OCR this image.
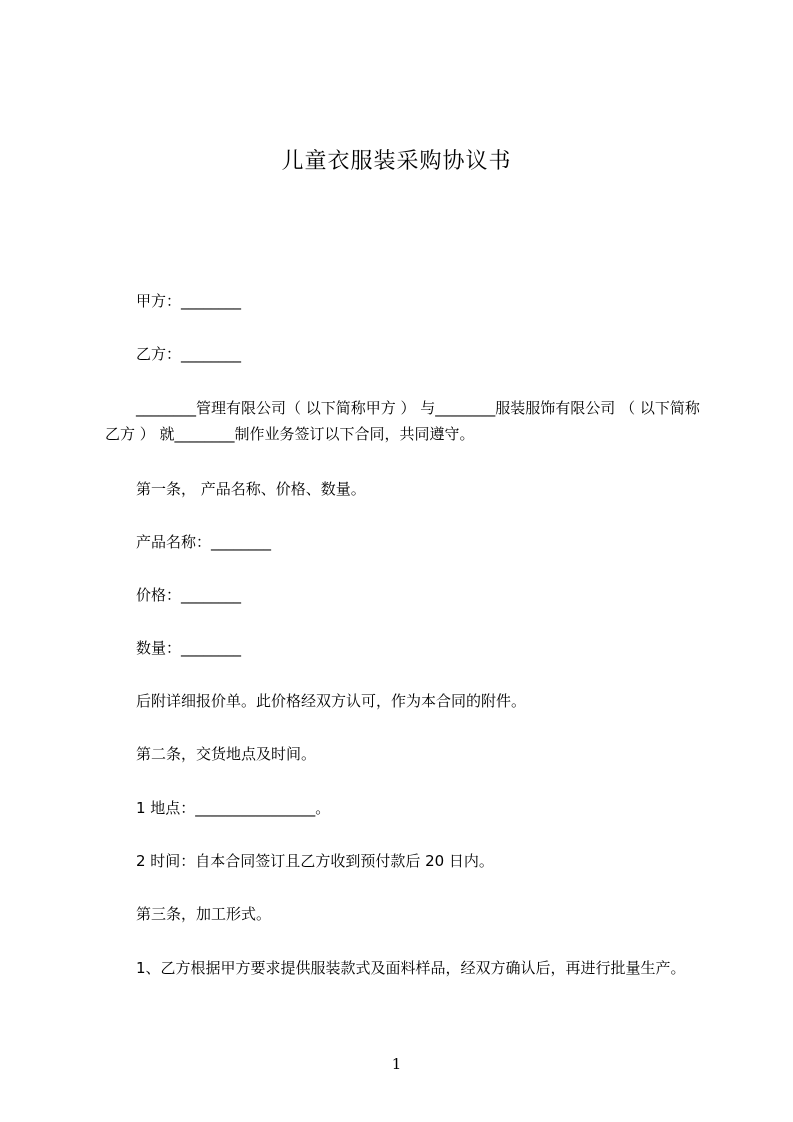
儿童衣服装采购协议书
甲方：________
乙方：________
________管理有限公司（ 以下简称甲方 ） 与________服装服饰有限公司 （ 以下简称乙方 ） 就________制作业务签订以下合同，共同遵守。
第一条， 产品名称、价格、数量。
产品名称：________
价格：________
数量：________
后附详细报价单。此价格经双方认可，作为本合同的附件。
第二条，交货地点及时间。
1 地点：________________。
2 时间：自本合同签订且乙方收到预付款后 20 日内。
第三条，加工形式。
1、乙方根据甲方要求提供服装款式及面料样品，经双方确认后，再进行批量生产。
1
